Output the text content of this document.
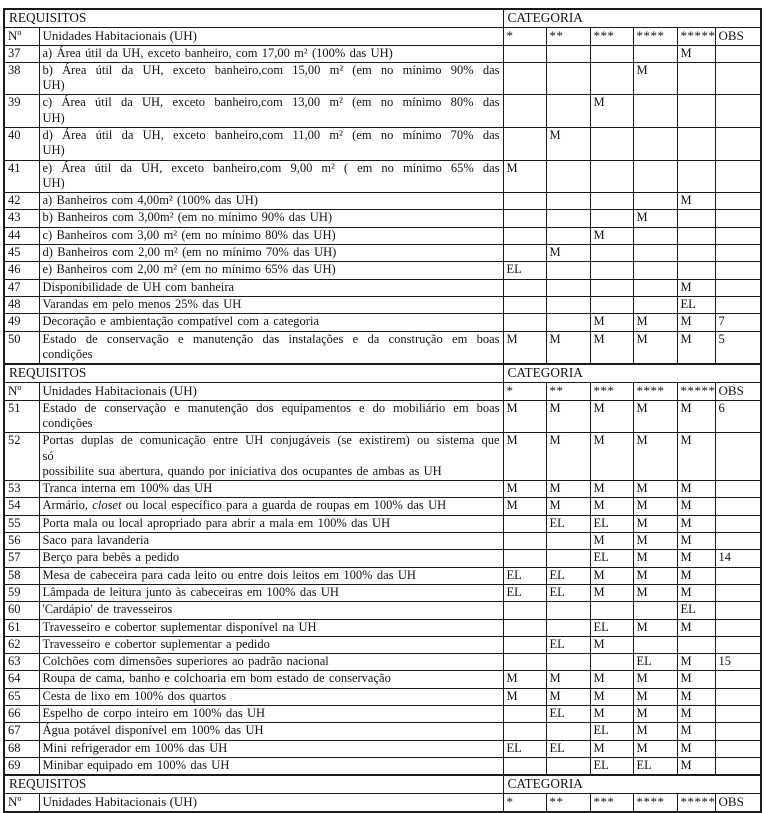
REQUISITOS		CATEGORIA					
Nº	Unidades Habitacionais (UH)	*	**	***	****	*****	OBS
37	a) Área útil da UH, exceto banheiro, com 17,00 m² (100% das UH)					M	
38	b) Área útil da UH, exceto banheiro,com 15,00 m² (em no mínimo 90% das
UH)				M		
39	c) Área útil da UH, exceto banheiro,com 13,00 m² (em no mínimo 80% das
UH)			M			
40	d) Área útil da UH, exceto banheiro,com 11,00 m² (em no mínimo 70% das
UH)		M				
41	e) Área útil da UH, exceto banheiro,com 9,00 m² ( em no mínimo 65% das
UH)	M					
42	a) Banheiros com 4,00m² (100% das UH)					M	
43	b) Banheiros com 3,00m² (em no mínimo 90% das UH)				M		
44	c) Banheiros com 3,00 m² (em no mínimo 80% das UH)			M			
45	d) Banheiros com 2,00 m² (em no mínimo 70% das UH)		M				
46	e) Banheiros com 2,00 m² (em no mínimo 65% das UH)	EL					
47	Disponibilidade de UH com banheira					M	
48	Varandas em pelo menos 25% das UH					EL	
49	Decoração e ambientação compatível com a categoria			M	M	M	7
50	Estado de conservação e manutenção das instalações e da construção em boas
condições	M	M	M	M	M	5
REQUISITOS		CATEGORIA					
Nº	Unidades Habitacionais (UH)	*	**	***	****	*****	OBS
51	Estado de conservação e manutenção dos equipamentos e do mobiliário em boas
condições	M	M	M	M	M	6
52	Portas duplas de comunicação entre UH conjugáveis (se existirem) ou sistema que
só
possibilite sua abertura, quando por iniciativa dos ocupantes de ambas as UH	M	M	M	M	M	
53	Tranca interna em 100% das UH	M	M	M	M	M	
54	Armário, closet ou local específico para a guarda de roupas em 100% das UH	M	M	M	M	M	
55	Porta mala ou local apropriado para abrir a mala em 100% das UH		EL	EL	M	M	
56	Saco para lavanderia			M	M	M	
57	Berço para bebês a pedido			EL	M	M	14
58	Mesa de cabeceira para cada leito ou entre dois leitos em 100% das UH	EL	EL	M	M	M	
59	Lâmpada de leitura junto às cabeceiras em 100% das UH	EL	EL	M	M	M	
60	'Cardápio' de travesseiros					EL	
61	Travesseiro e cobertor suplementar disponível na UH			EL	M	M	
62	Travesseiro e cobertor suplementar a pedido		EL	M			
63	Colchões com dimensões superiores ao padrão nacional				EL	M	15
64	Roupa de cama, banho e colchoaria em bom estado de conservação	M	M	M	M	M	
65	Cesta de lixo em 100% dos quartos	M	M	M	M	M	
66	Espelho de corpo inteiro em 100% das UH		EL	M	M	M	
67	Água potável disponível em 100% das UH			EL	M	M	
68	Mini refrigerador em 100% das UH	EL	EL	M	M	M	
69	Minibar equipado em 100% das UH			EL	EL	M	
REQUISITOS		CATEGORIA					
Nº	Unidades Habitacionais (UH)	*	**	***	****	*****	OBS
